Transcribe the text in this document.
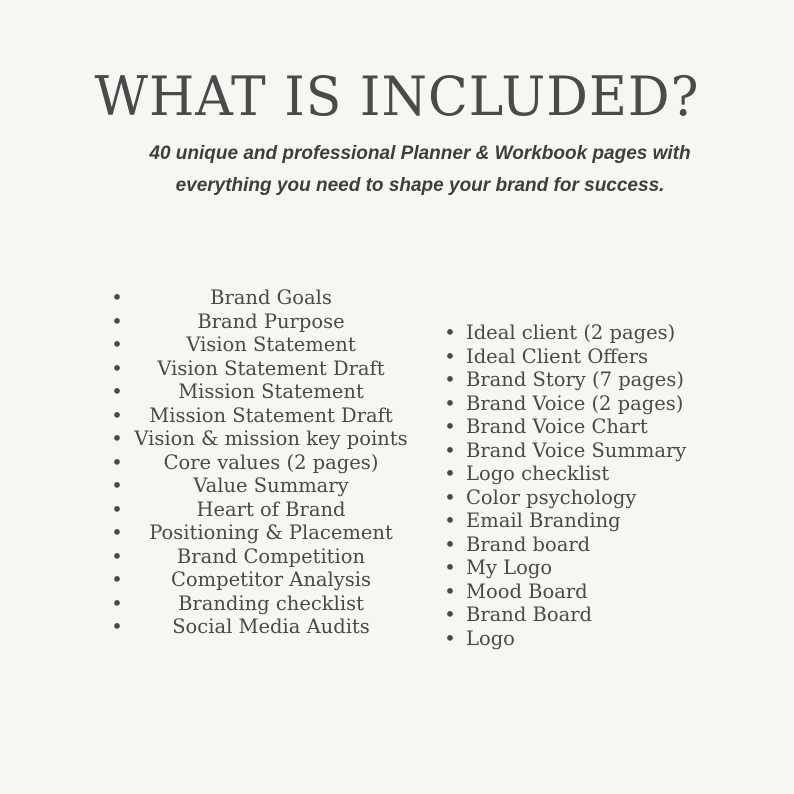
WHAT IS INCLUDED?

40 unique and professional Planner & Workbook pages with
everything you need to shape your brand for success.

•	Brand Goals
•	Brand Purpose
•	Vision Statement
• Vision Statement Draft
•	Mission Statement
• Mission Statement Draft
• Vision & mission key points
• Core values (2 pages)
•	Value Summary
•	Heart of Brand
• Positioning & Placement
•	Brand Competition
• Competitor Analysis
•	Branding checklist
•	Social Media Audits
• Ideal client (2 pages)
• Ideal Client Offers
• Brand Story (7 pages)
• Brand Voice (2 pages)
• Brand Voice Chart
• Brand Voice Summary
• Logo checklist
• Color psychology
• Email Branding
• Brand board
• My Logo
• Mood Board
• Brand Board
• Logo
